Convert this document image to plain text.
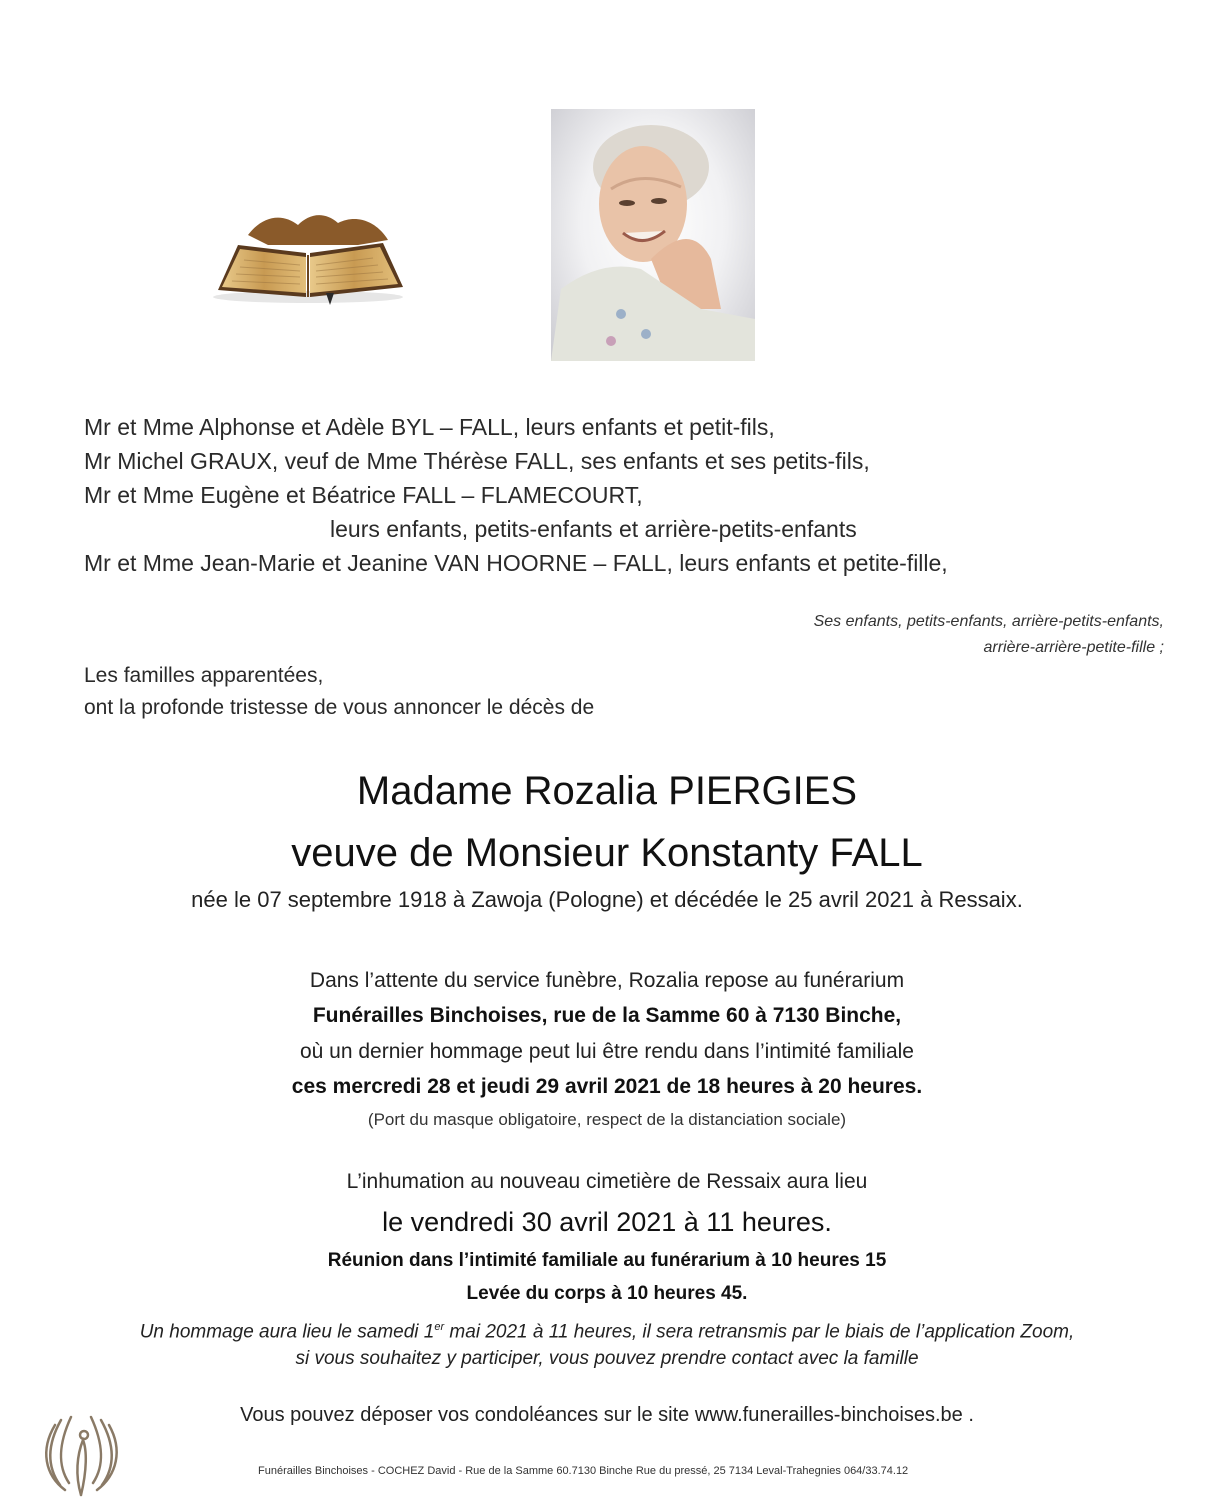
Mr et Mme Alphonse et Adèle BYL – FALL, leurs enfants et petit-fils,
Mr Michel GRAUX, veuf de Mme Thérèse FALL, ses enfants et ses petits-fils,
Mr et Mme Eugène et Béatrice FALL – FLAMECOURT,
leurs enfants, petits-enfants et arrière-petits-enfants
Mr et Mme Jean-Marie et Jeanine VAN HOORNE – FALL, leurs enfants et petite-fille,
Ses enfants, petits-enfants, arrière-petits-enfants,
arrière-arrière-petite-fille ;
Les familles apparentées,
ont la profonde tristesse de vous annoncer le décès de
Madame Rozalia PIERGIES
veuve de Monsieur Konstanty FALL
née le 07 septembre 1918 à Zawoja (Pologne) et décédée le 25 avril 2021 à Ressaix.
Dans l’attente du service funèbre, Rozalia repose au funérarium
Funérailles Binchoises, rue de la Samme 60 à 7130 Binche,
où un dernier hommage peut lui être rendu dans l’intimité familiale
ces mercredi 28 et jeudi 29 avril 2021 de 18 heures à 20 heures.
(Port du masque obligatoire, respect de la distanciation sociale)
L’inhumation au nouveau cimetière de Ressaix aura lieu
le vendredi 30 avril 2021 à 11 heures.
Réunion dans l’intimité familiale au funérarium à 10 heures 15
Levée du corps à 10 heures 45.
Un hommage aura lieu le samedi 1er mai 2021 à 11 heures, il sera retransmis par le biais de l’application Zoom,
si vous souhaitez y participer, vous pouvez prendre contact avec la famille
Vous pouvez déposer vos condoléances sur le site www.funerailles-binchoises.be .
Funérailles Binchoises - COCHEZ David - Rue de la Samme 60.7130 Binche Rue du pressé, 25 7134 Leval-Trahegnies 064/33.74.12
